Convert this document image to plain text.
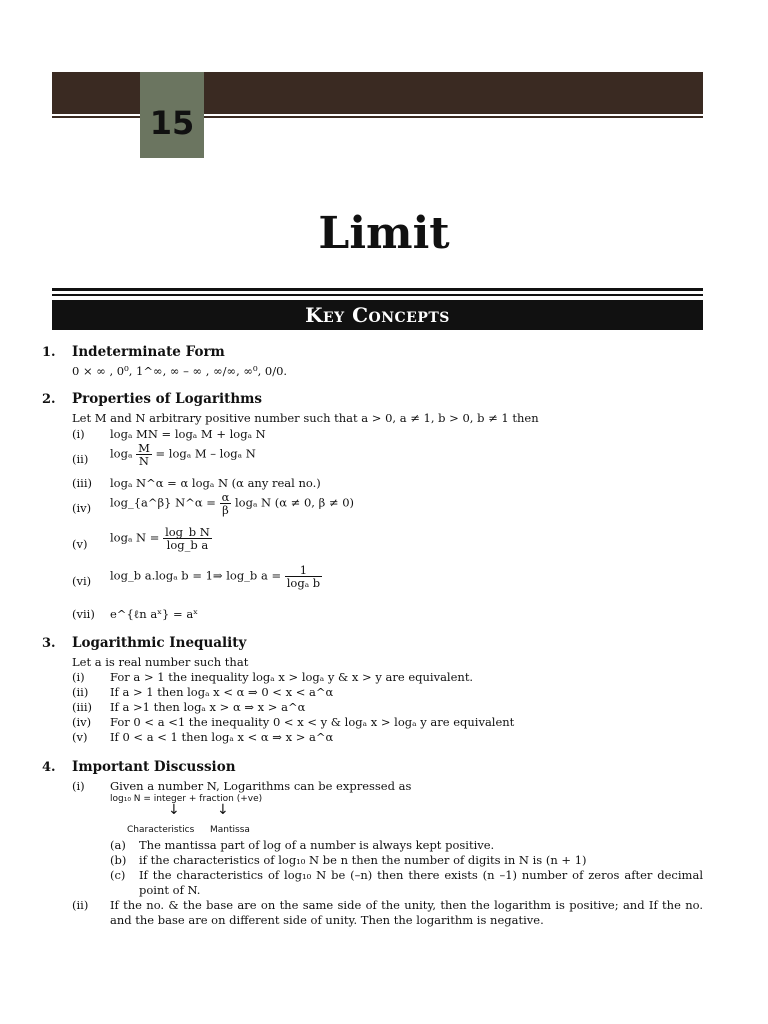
15
Limit
Key Concepts
1. Indeterminate Form
0 × ∞ , 0⁰, 1^∞, ∞ – ∞ , ∞/∞, ∞⁰, 0/0.
2. Properties of Logarithms
Let M and N arbitrary positive number such that a > 0, a ≠ 1, b > 0, b ≠ 1 then
(i) logₐ MN = logₐ M + logₐ N
(ii) logₐ $\frac{M}{N} = \log_a$ M – logₐ N
(iii) logₐ N^α = α logₐ N (α any real no.)
(iv) log_{a^β} N^α = $\frac{\alpha}{\beta}$ logₐ N (α ≠ 0, β ≠ 0)
(v) logₐ $N = \frac{\text{log\_b N}}{\text{log\_b a}}$
(vi) log_b a.logₐ b = 1⇒ log_b $a = \frac{1}{\text{logₐ b}}$
(vii) e^{ℓn aˣ} = aˣ
3. Logarithmic Inequality
Let a is real number such that
(i) For a > 1 the inequality logₐ x > logₐ y & x > y are equivalent.
(ii) If a > 1 then logₐ x < α ⇒ 0 < x < a^α
(iii) If a >1 then logₐ x > α ⇒ x > a^α
(iv) For 0 < a <1 the inequality 0 < x < y & logₐ x > logₐ y are equivalent
(v) If 0 < a < 1 then logₐ x < α ⇒ x > a^α
4. Important Discussion
(i) Given a number N, Logarithms can be expressed as
log₁₀ N = integer + fraction (+ve)
↓	↓
Characteristics Mantissa
(a) The mantissa part of log of a number is always kept positive.
(b) if the characteristics of log₁₀ N be n then the number of digits in N is (n + 1)
(c) If the characteristics of log₁₀ N be (–n) then there exists (n –1) number of zeros after decimal point of N.
(ii) If the no. & the base are on the same side of the unity, then the logarithm is positive; and If the no. and the base are on different side of unity. Then the logarithm is negative.
